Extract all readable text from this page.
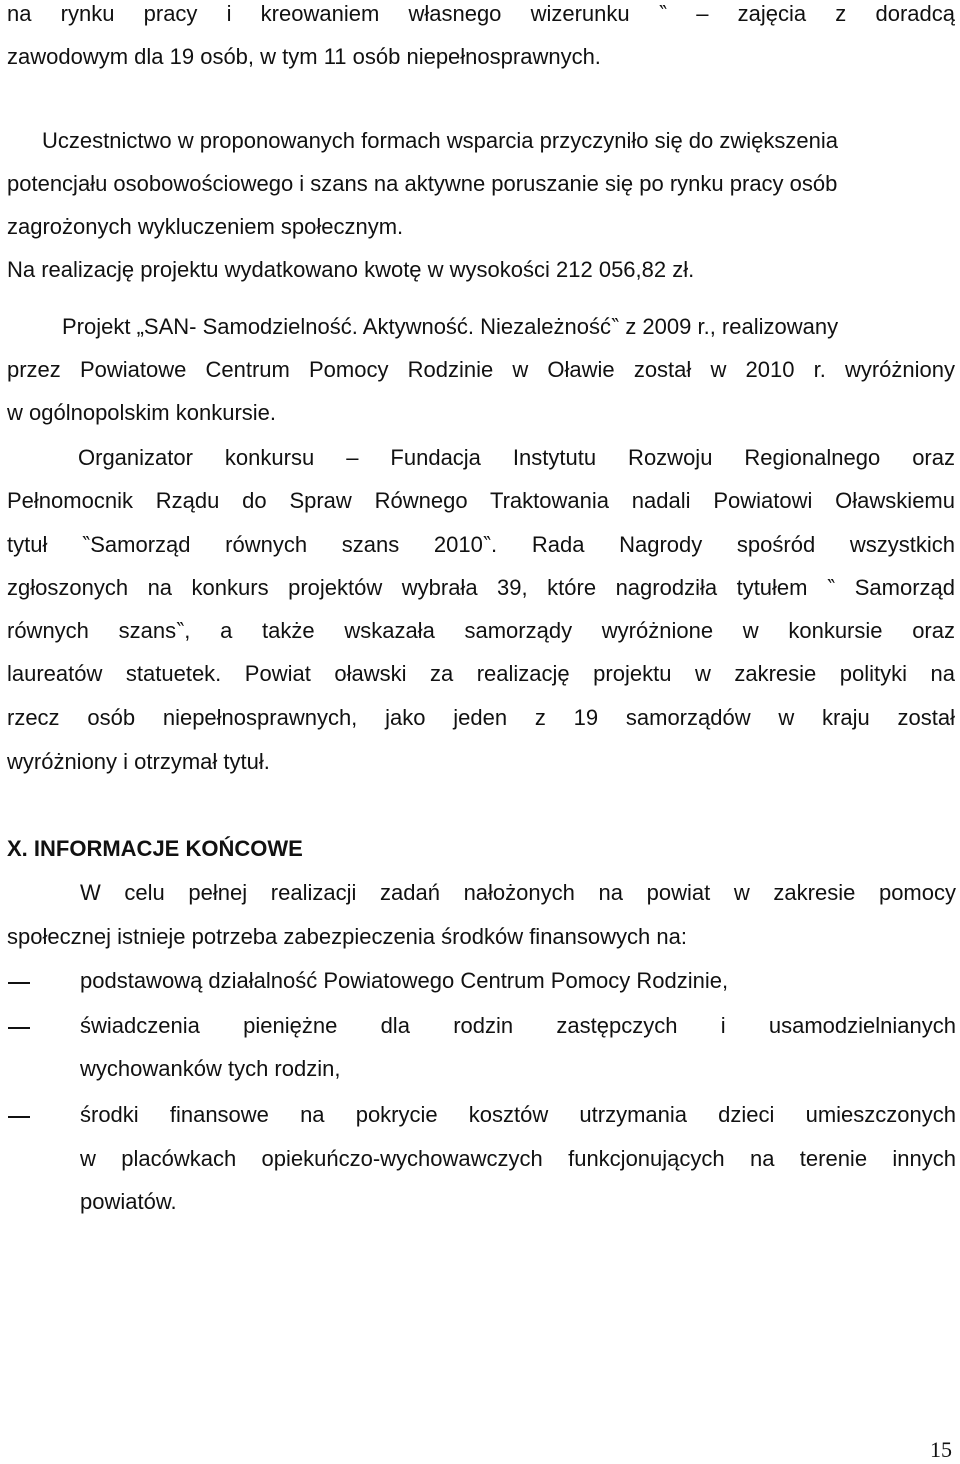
na rynku pracy i kreowaniem własnego wizerunku ‶ – zajęcia z doradcą
zawodowym dla 19 osób, w tym 11 osób niepełnosprawnych.
Uczestnictwo w proponowanych formach wsparcia przyczyniło się do zwiększenia
potencjału osobowościowego i szans na aktywne poruszanie się po rynku pracy osób
zagrożonych wykluczeniem społecznym.
Na realizację projektu wydatkowano kwotę w wysokości 212 056,82 zł.
Projekt „SAN- Samodzielność. Aktywność. Niezależność‶ z 2009 r., realizowany
przez Powiatowe Centrum Pomocy Rodzinie w Oławie został w 2010 r. wyróżniony
w ogólnopolskim konkursie.
Organizator konkursu – Fundacja Instytutu Rozwoju Regionalnego oraz
Pełnomocnik Rządu do Spraw Równego Traktowania nadali Powiatowi Oławskiemu
tytuł ‶Samorząd równych szans 2010‶. Rada Nagrody spośród wszystkich
zgłoszonych na konkurs projektów wybrała 39, które nagrodziła tytułem ‶ Samorząd
równych szans‶, a także wskazała samorządy wyróżnione w konkursie oraz
laureatów statuetek. Powiat oławski za realizację projektu w zakresie polityki na
rzecz osób niepełnosprawnych, jako jeden z 19 samorządów w kraju został
wyróżniony i otrzymał tytuł.
X. INFORMACJE KOŃCOWE
W celu pełnej realizacji zadań nałożonych na powiat w zakresie pomocy
społecznej istnieje potrzeba zabezpieczenia środków finansowych na:
podstawową działalność Powiatowego Centrum Pomocy Rodzinie,
świadczenia pieniężne dla rodzin zastępczych i usamodzielnianych
wychowanków tych rodzin,
środki finansowe na pokrycie kosztów utrzymania dzieci umieszczonych
w placówkach opiekuńczo-wychowawczych funkcjonujących na terenie innych
powiatów.
15
